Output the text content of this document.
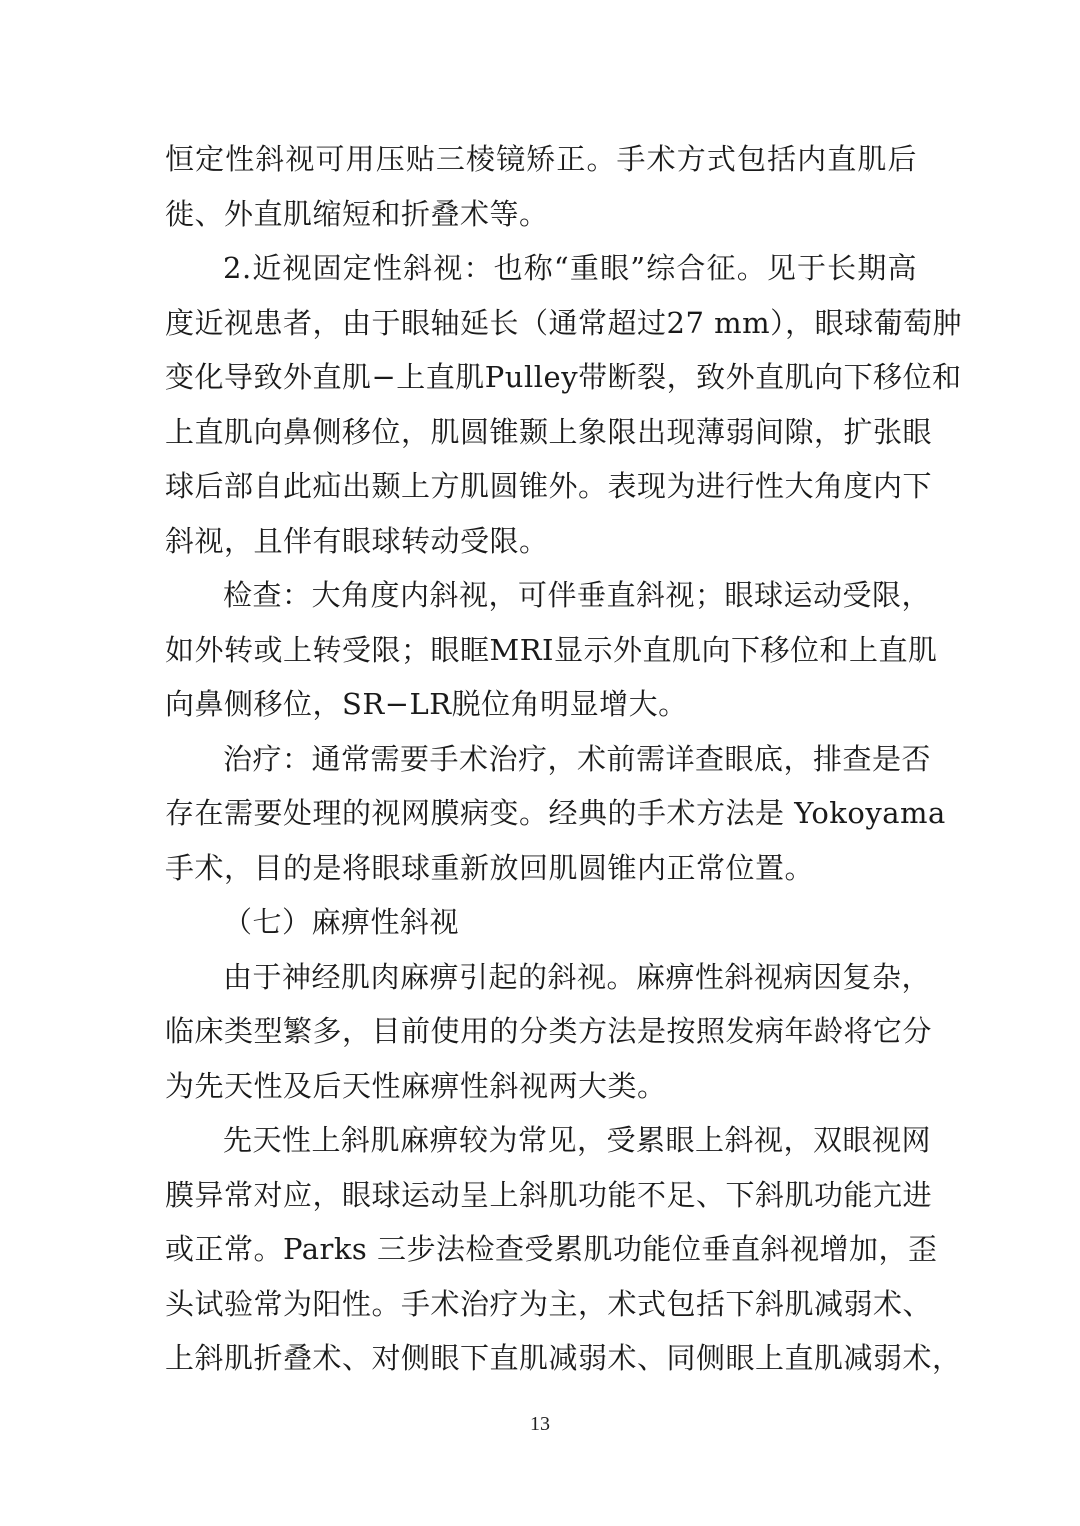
恒定性斜视可用压贴三棱镜矫正。手术方式包括内直肌后
徙、外直肌缩短和折叠术等。
2.近视固定性斜视：也称“重眼”综合征。见于长期高
度近视患者，由于眼轴延长（通常超过27 mm），眼球葡萄肿
变化导致外直肌−上直肌Pulley带断裂，致外直肌向下移位和
上直肌向鼻侧移位，肌圆锥颞上象限出现薄弱间隙，扩张眼
球后部自此疝出颞上方肌圆锥外。表现为进行性大角度内下
斜视，且伴有眼球转动受限。
检查：大角度内斜视，可伴垂直斜视；眼球运动受限，
如外转或上转受限；眼眶MRI显示外直肌向下移位和上直肌
向鼻侧移位，SR−LR脱位角明显增大。
治疗：通常需要手术治疗，术前需详查眼底，排查是否
存在需要处理的视网膜病变。经典的手术方法是 Yokoyama
手术，目的是将眼球重新放回肌圆锥内正常位置。
（七）麻痹性斜视
由于神经肌肉麻痹引起的斜视。麻痹性斜视病因复杂，
临床类型繁多，目前使用的分类方法是按照发病年龄将它分
为先天性及后天性麻痹性斜视两大类。
先天性上斜肌麻痹较为常见，受累眼上斜视，双眼视网
膜异常对应，眼球运动呈上斜肌功能不足、下斜肌功能亢进
或正常。Parks 三步法检查受累肌功能位垂直斜视增加，歪
头试验常为阳性。手术治疗为主，术式包括下斜肌减弱术、
上斜肌折叠术、对侧眼下直肌减弱术、同侧眼上直肌减弱术，
13
